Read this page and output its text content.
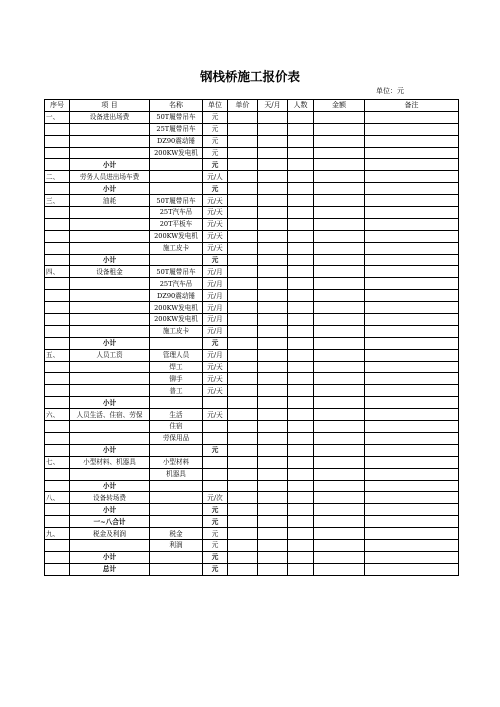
钢栈桥施工报价表
单位：元
序号	项 目	名称	单位	单价	天/月	人数	金额	备注
一、	设备进出场费	50T履带吊车	元					
		25T履带吊车	元					
		DZ90震动锤	元					
		200KW发电机	元					
	小计		元					
二、	劳务人员进出场车费		元/人					
	小计		元					
三、	油耗	50T履带吊车	元/天					
		25T汽车吊	元/天					
		20T平板车	元/天					
		200KW发电机	元/天					
		施工皮卡	元/天					
	小计		元					
四、	设备租金	50T履带吊车	元/月					
		25T汽车吊	元/月					
		DZ90震动锤	元/月					
		200KW发电机	元/月					
		200KW发电机	元/月					
		施工皮卡	元/月					
	小计		元					
五、	人员工资	管理人员	元/月					
		焊工	元/天					
		铆手	元/天					
		普工	元/天					
	小计							
六、	人员生活、住宿、劳保	生活	元/天					
		住宿						
		劳保用品						
	小计		元					
七、	小型材料、机器具	小型材料						
		机器具						
	小计							
八、	设备转场费		元/次					
	小计		元					
	一~八合计		元					
九、	税金及利润	税金	元					
		利润	元					
	小计		元					
	总计		元					
